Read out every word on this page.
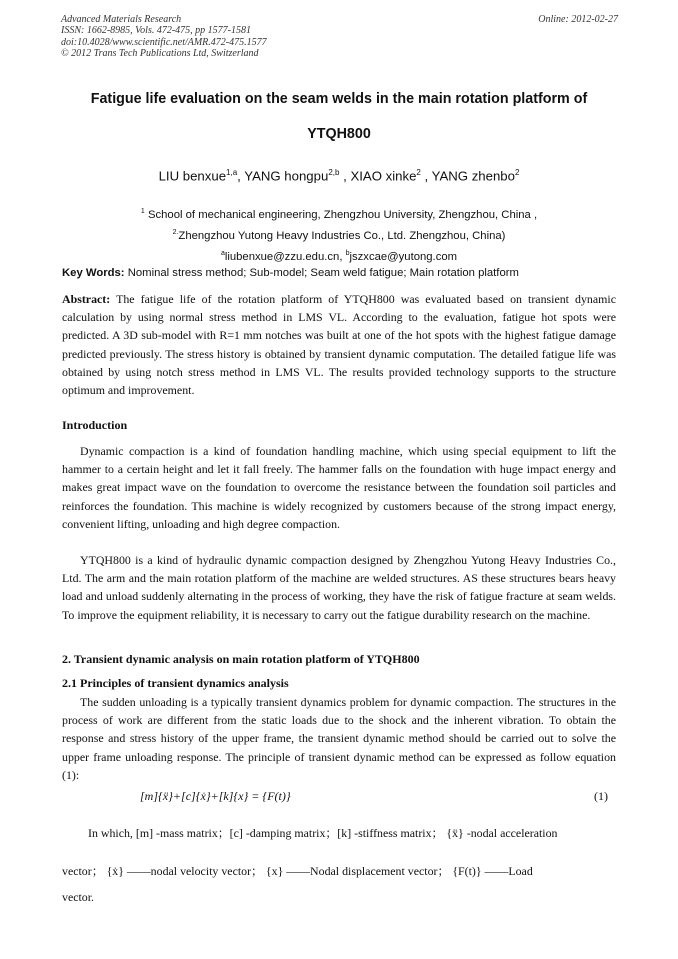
Advanced Materials Research
ISSN: 1662-8985, Vols. 472-475, pp 1577-1581
doi:10.4028/www.scientific.net/AMR.472-475.1577
© 2012 Trans Tech Publications Ltd, Switzerland
Online: 2012-02-27
Fatigue life evaluation on the seam welds in the main rotation platform of
YTQH800
LIU benxue$^{1,a}$, YANG hongpu$^{2,b}$ , XIAO xinke$^2$ , YANG zhenbo$^2$
$^1$ School of mechanical engineering, Zhengzhou University, Zhengzhou, China ,
$^{2.}$Zhengzhou Yutong Heavy Industries Co., Ltd. Zhengzhou, China)
$^a$liubenxue@zzu.edu.cn, $^b$jszxcae@yutong.com
Key Words: Nominal stress method; Sub-model; Seam weld fatigue; Main rotation platform
Abstract: The fatigue life of the rotation platform of YTQH800 was evaluated based on transient dynamic calculation by using normal stress method in LMS VL. According to the evaluation, fatigue hot spots were predicted. A 3D sub-model with R=1 mm notches was built at one of the hot spots with the highest fatigue damage predicted previously. The stress history is obtained by transient dynamic computation. The detailed fatigue life was obtained by using notch stress method in LMS VL. The results provided technology supports to the structure optimum and improvement.
Introduction
Dynamic compaction is a kind of foundation handling machine, which using special equipment to lift the hammer to a certain height and let it fall freely. The hammer falls on the foundation with huge impact energy and makes great impact wave on the foundation to overcome the resistance between the foundation soil particles and reinforces the foundation. This machine is widely recognized by customers because of the strong impact energy, convenient lifting, unloading and high degree compaction.
YTQH800 is a kind of hydraulic dynamic compaction designed by Zhengzhou Yutong Heavy Industries Co., Ltd. The arm and the main rotation platform of the machine are welded structures. AS these structures bears heavy load and unload suddenly alternating in the process of working, they have the risk of fatigue fracture at seam welds. To improve the equipment reliability, it is necessary to carry out the fatigue durability research on the machine.
2. Transient dynamic analysis on main rotation platform of YTQH800
2.1 Principles of transient dynamics analysis
The sudden unloading is a typically transient dynamics problem for dynamic compaction. The structures in the process of work are different from the static loads due to the shock and the inherent vibration. To obtain the response and stress history of the upper frame, the transient dynamic method should be carried out to solve the upper frame unloading response. The principle of transient dynamic method can be expressed as follow equation (1):
[m]{ẍ}+[c]{ẋ}+[k]{x} = {F(t)}	(1)
In which, [m] -mass matrix；[c] -damping matrix；[k] -stiffness matrix； {ẍ} -nodal acceleration
vector； {ẋ} ——nodal velocity vector； {x} ——Nodal displacement vector； {F(t)} ——Load
vector.
